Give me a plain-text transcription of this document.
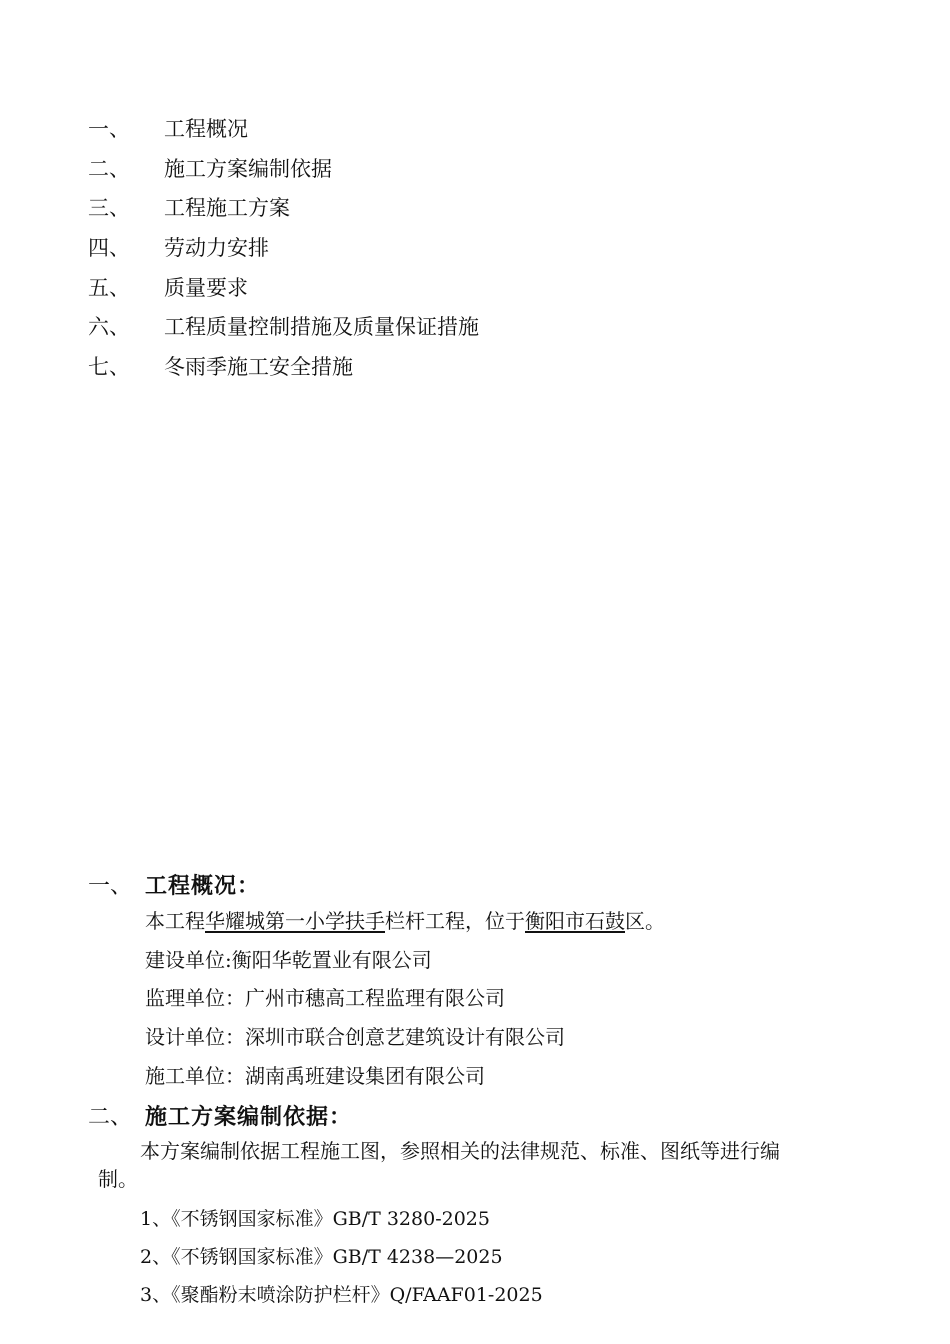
一、	工程概况
二、	施工方案编制依据
三、	工程施工方案
四、	劳动力安排
五、	质量要求
六、	工程质量控制措施及质量保证措施
七、	冬雨季施工安全措施
一、 工程概况：
本工程华耀城第一小学扶手栏杆工程，位于衡阳市石鼓区。
建设单位:衡阳华乾置业有限公司
监理单位：广州市穗高工程监理有限公司
设计单位：深圳市联合创意艺建筑设计有限公司
施工单位：湖南禹班建设集团有限公司
二、 施工方案编制依据：
本方案编制依据工程施工图，参照相关的法律规范、标准、图纸等进行编
制。
1、《不锈钢国家标准》GB/T 3280-2025
2、《不锈钢国家标准》GB/T 4238—2025
3、《聚酯粉末喷涂防护栏杆》Q/FAAF01-2025
